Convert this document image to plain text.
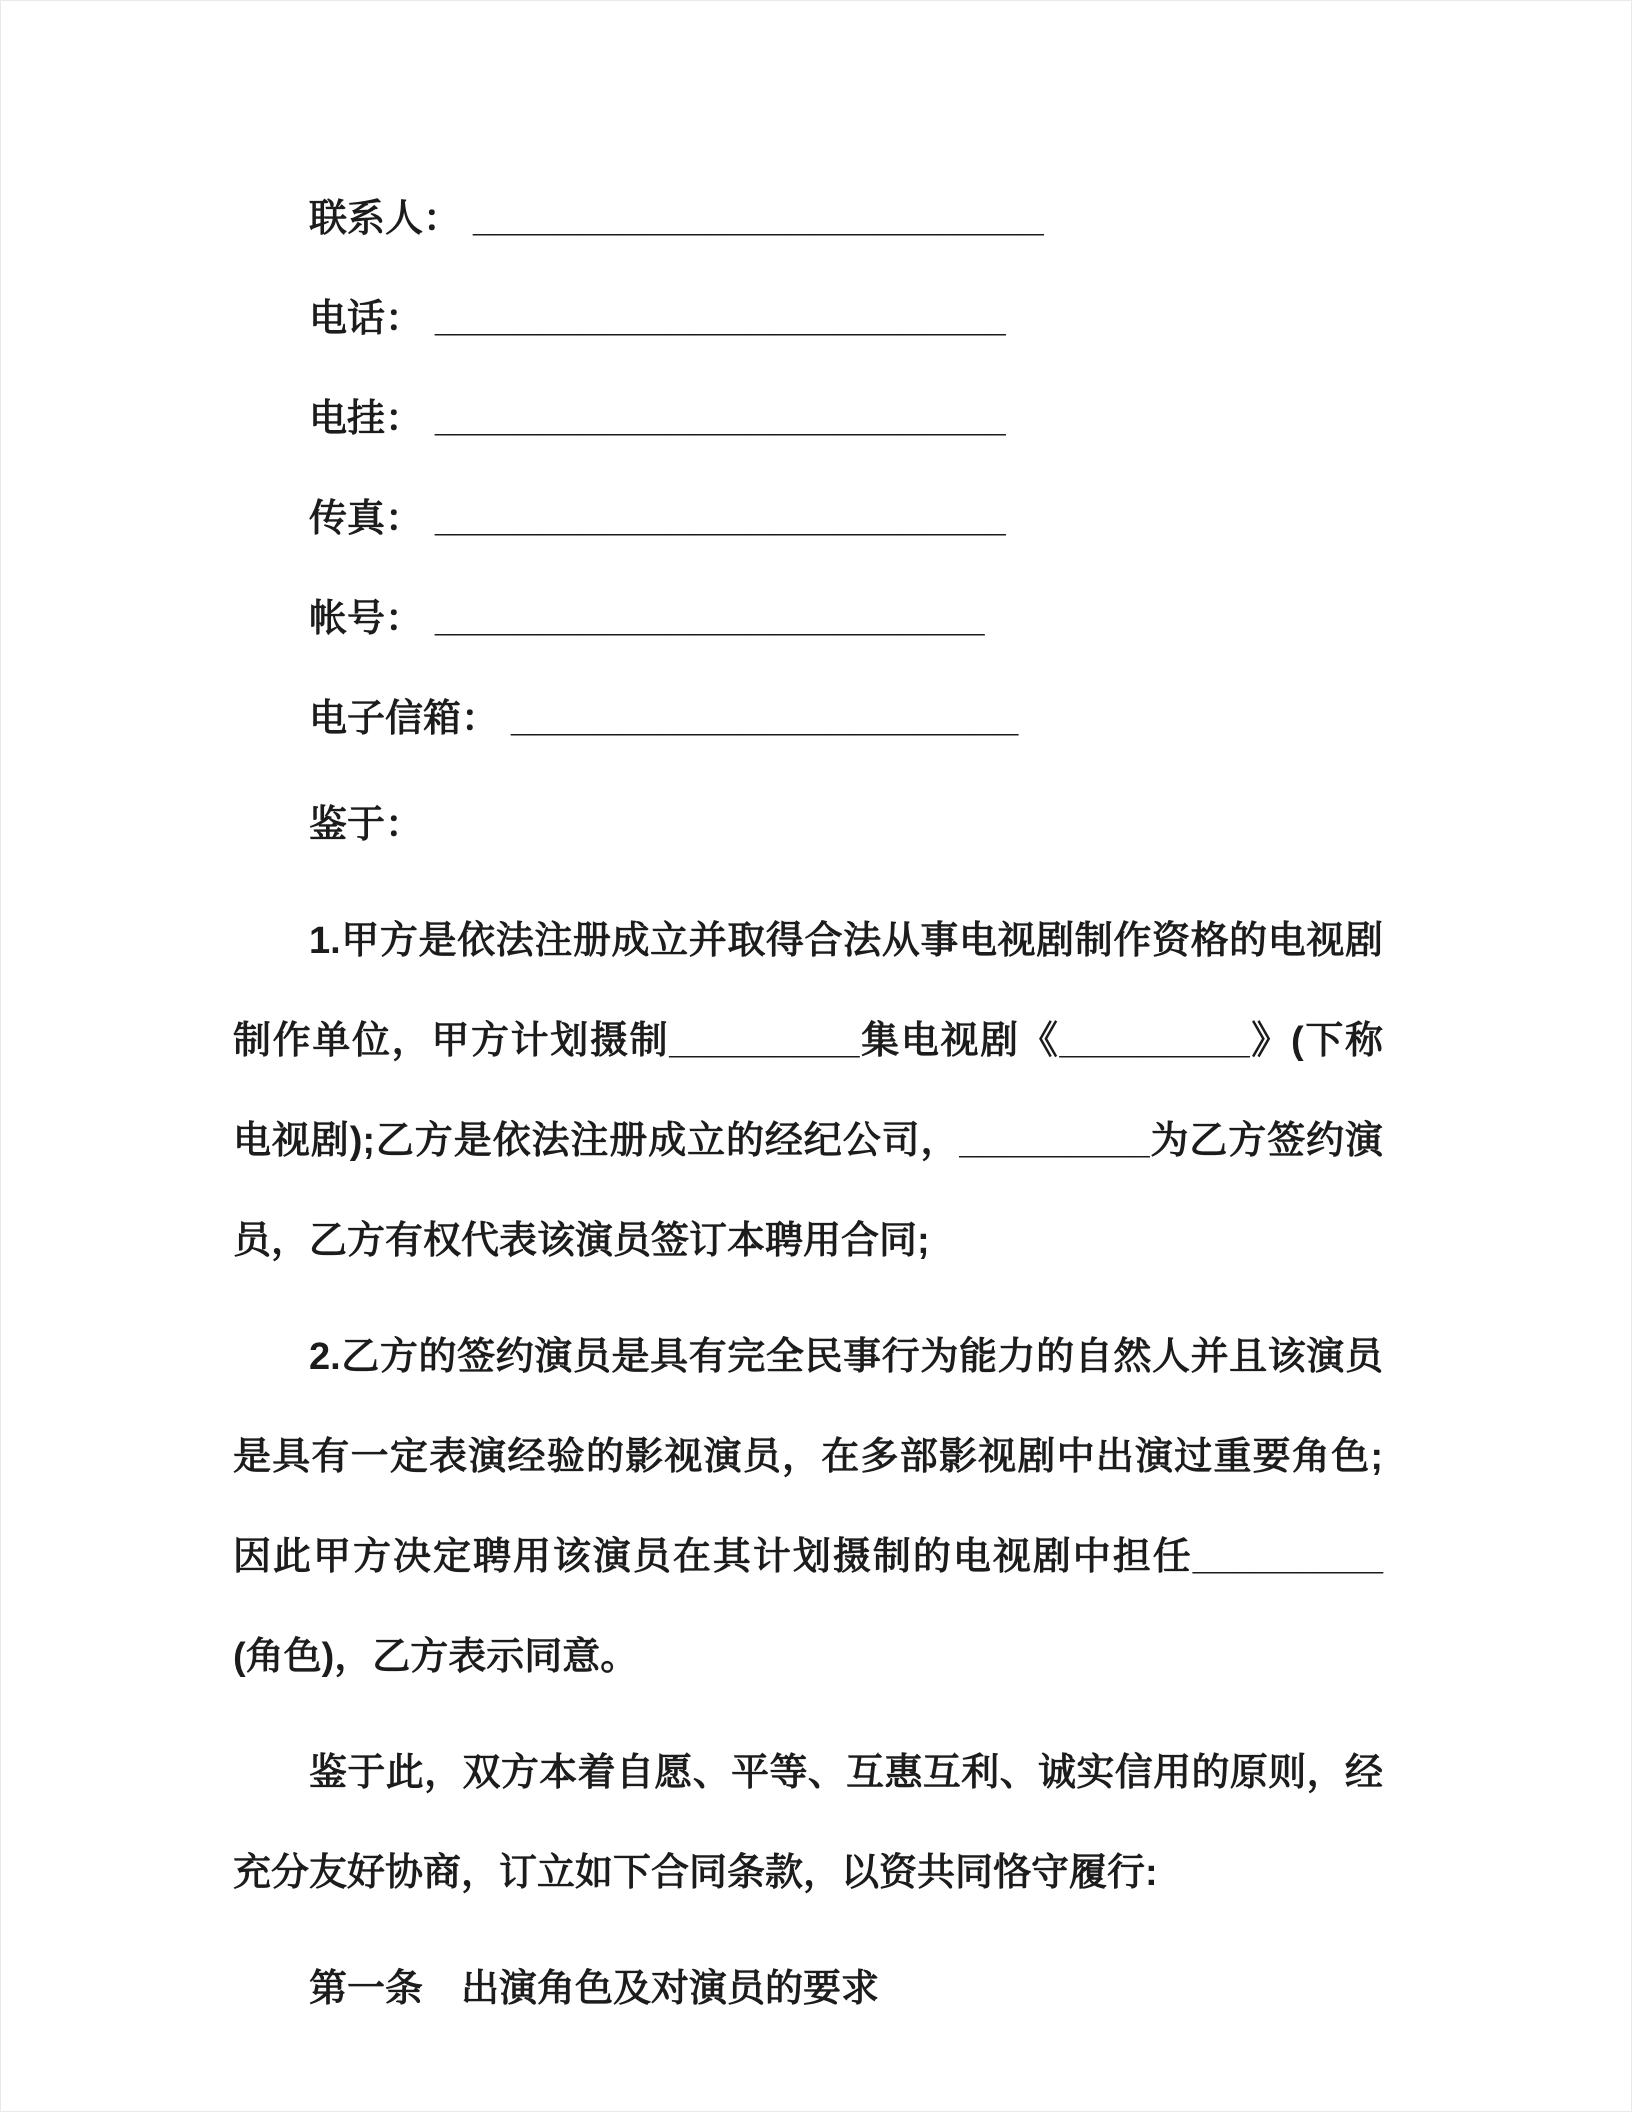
联系人： ___________________________

电话： ___________________________

电挂： ___________________________

传真： ___________________________

帐号： __________________________

电子信箱： ________________________

鉴于：

1.甲方是依法注册成立并取得合法从事电视剧制作资格的电视剧制作单位，甲方计划摄制_________集电视剧《_________》(下称电视剧);乙方是依法注册成立的经纪公司，_________为乙方签约演员，乙方有权代表该演员签订本聘用合同;

2.乙方的签约演员是具有完全民事行为能力的自然人并且该演员是具有一定表演经验的影视演员，在多部影视剧中出演过重要角色;因此甲方决定聘用该演员在其计划摄制的电视剧中担任_________(角色)，乙方表示同意。

鉴于此，双方本着自愿、平等、互惠互利、诚实信用的原则，经充分友好协商，订立如下合同条款，以资共同恪守履行:

第一条　出演角色及对演员的要求
